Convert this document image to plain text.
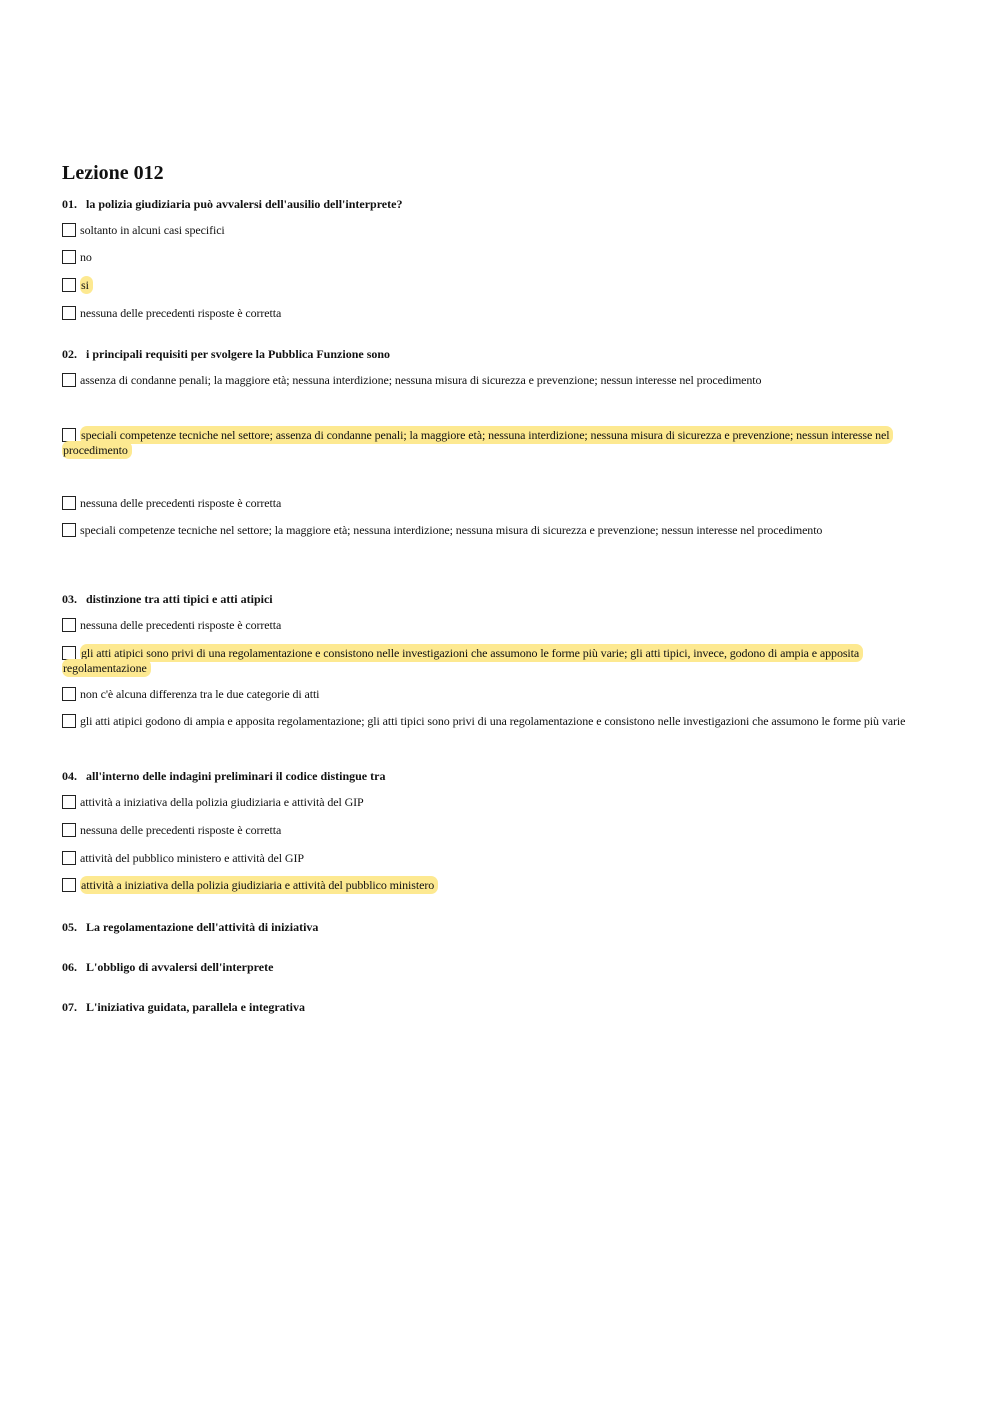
Lezione 012
01. la polizia giudiziaria può avvalersi dell'ausilio dell'interprete?
soltanto in alcuni casi specifici
no
si
nessuna delle precedenti risposte è corretta
02. i principali requisiti per svolgere la Pubblica Funzione sono
assenza di condanne penali; la maggiore età; nessuna interdizione; nessuna misura di sicurezza e prevenzione; nessun interesse nel procedimento
speciali competenze tecniche nel settore; assenza di condanne penali; la maggiore età; nessuna interdizione; nessuna misura di sicurezza e prevenzione; nessun interesse nel procedimento
nessuna delle precedenti risposte è corretta
speciali competenze tecniche nel settore; la maggiore età; nessuna interdizione; nessuna misura di sicurezza e prevenzione; nessun interesse nel procedimento
03. distinzione tra atti tipici e atti atipici
nessuna delle precedenti risposte è corretta
gli atti atipici sono privi di una regolamentazione e consistono nelle investigazioni che assumono le forme più varie; gli atti tipici, invece, godono di ampia e apposita regolamentazione
non c'è alcuna differenza tra le due categorie di atti
gli atti atipici godono di ampia e apposita regolamentazione; gli atti tipici sono privi di una regolamentazione e consistono nelle investigazioni che assumono le forme più varie
04. all'interno delle indagini preliminari il codice distingue tra
attività a iniziativa della polizia giudiziaria e attività del GIP
nessuna delle precedenti risposte è corretta
attività del pubblico ministero e attività del GIP
attività a iniziativa della polizia giudiziaria e attività del pubblico ministero
05. La regolamentazione dell'attività di iniziativa
06. L'obbligo di avvalersi dell'interprete
07. L'iniziativa guidata, parallela e integrativa
